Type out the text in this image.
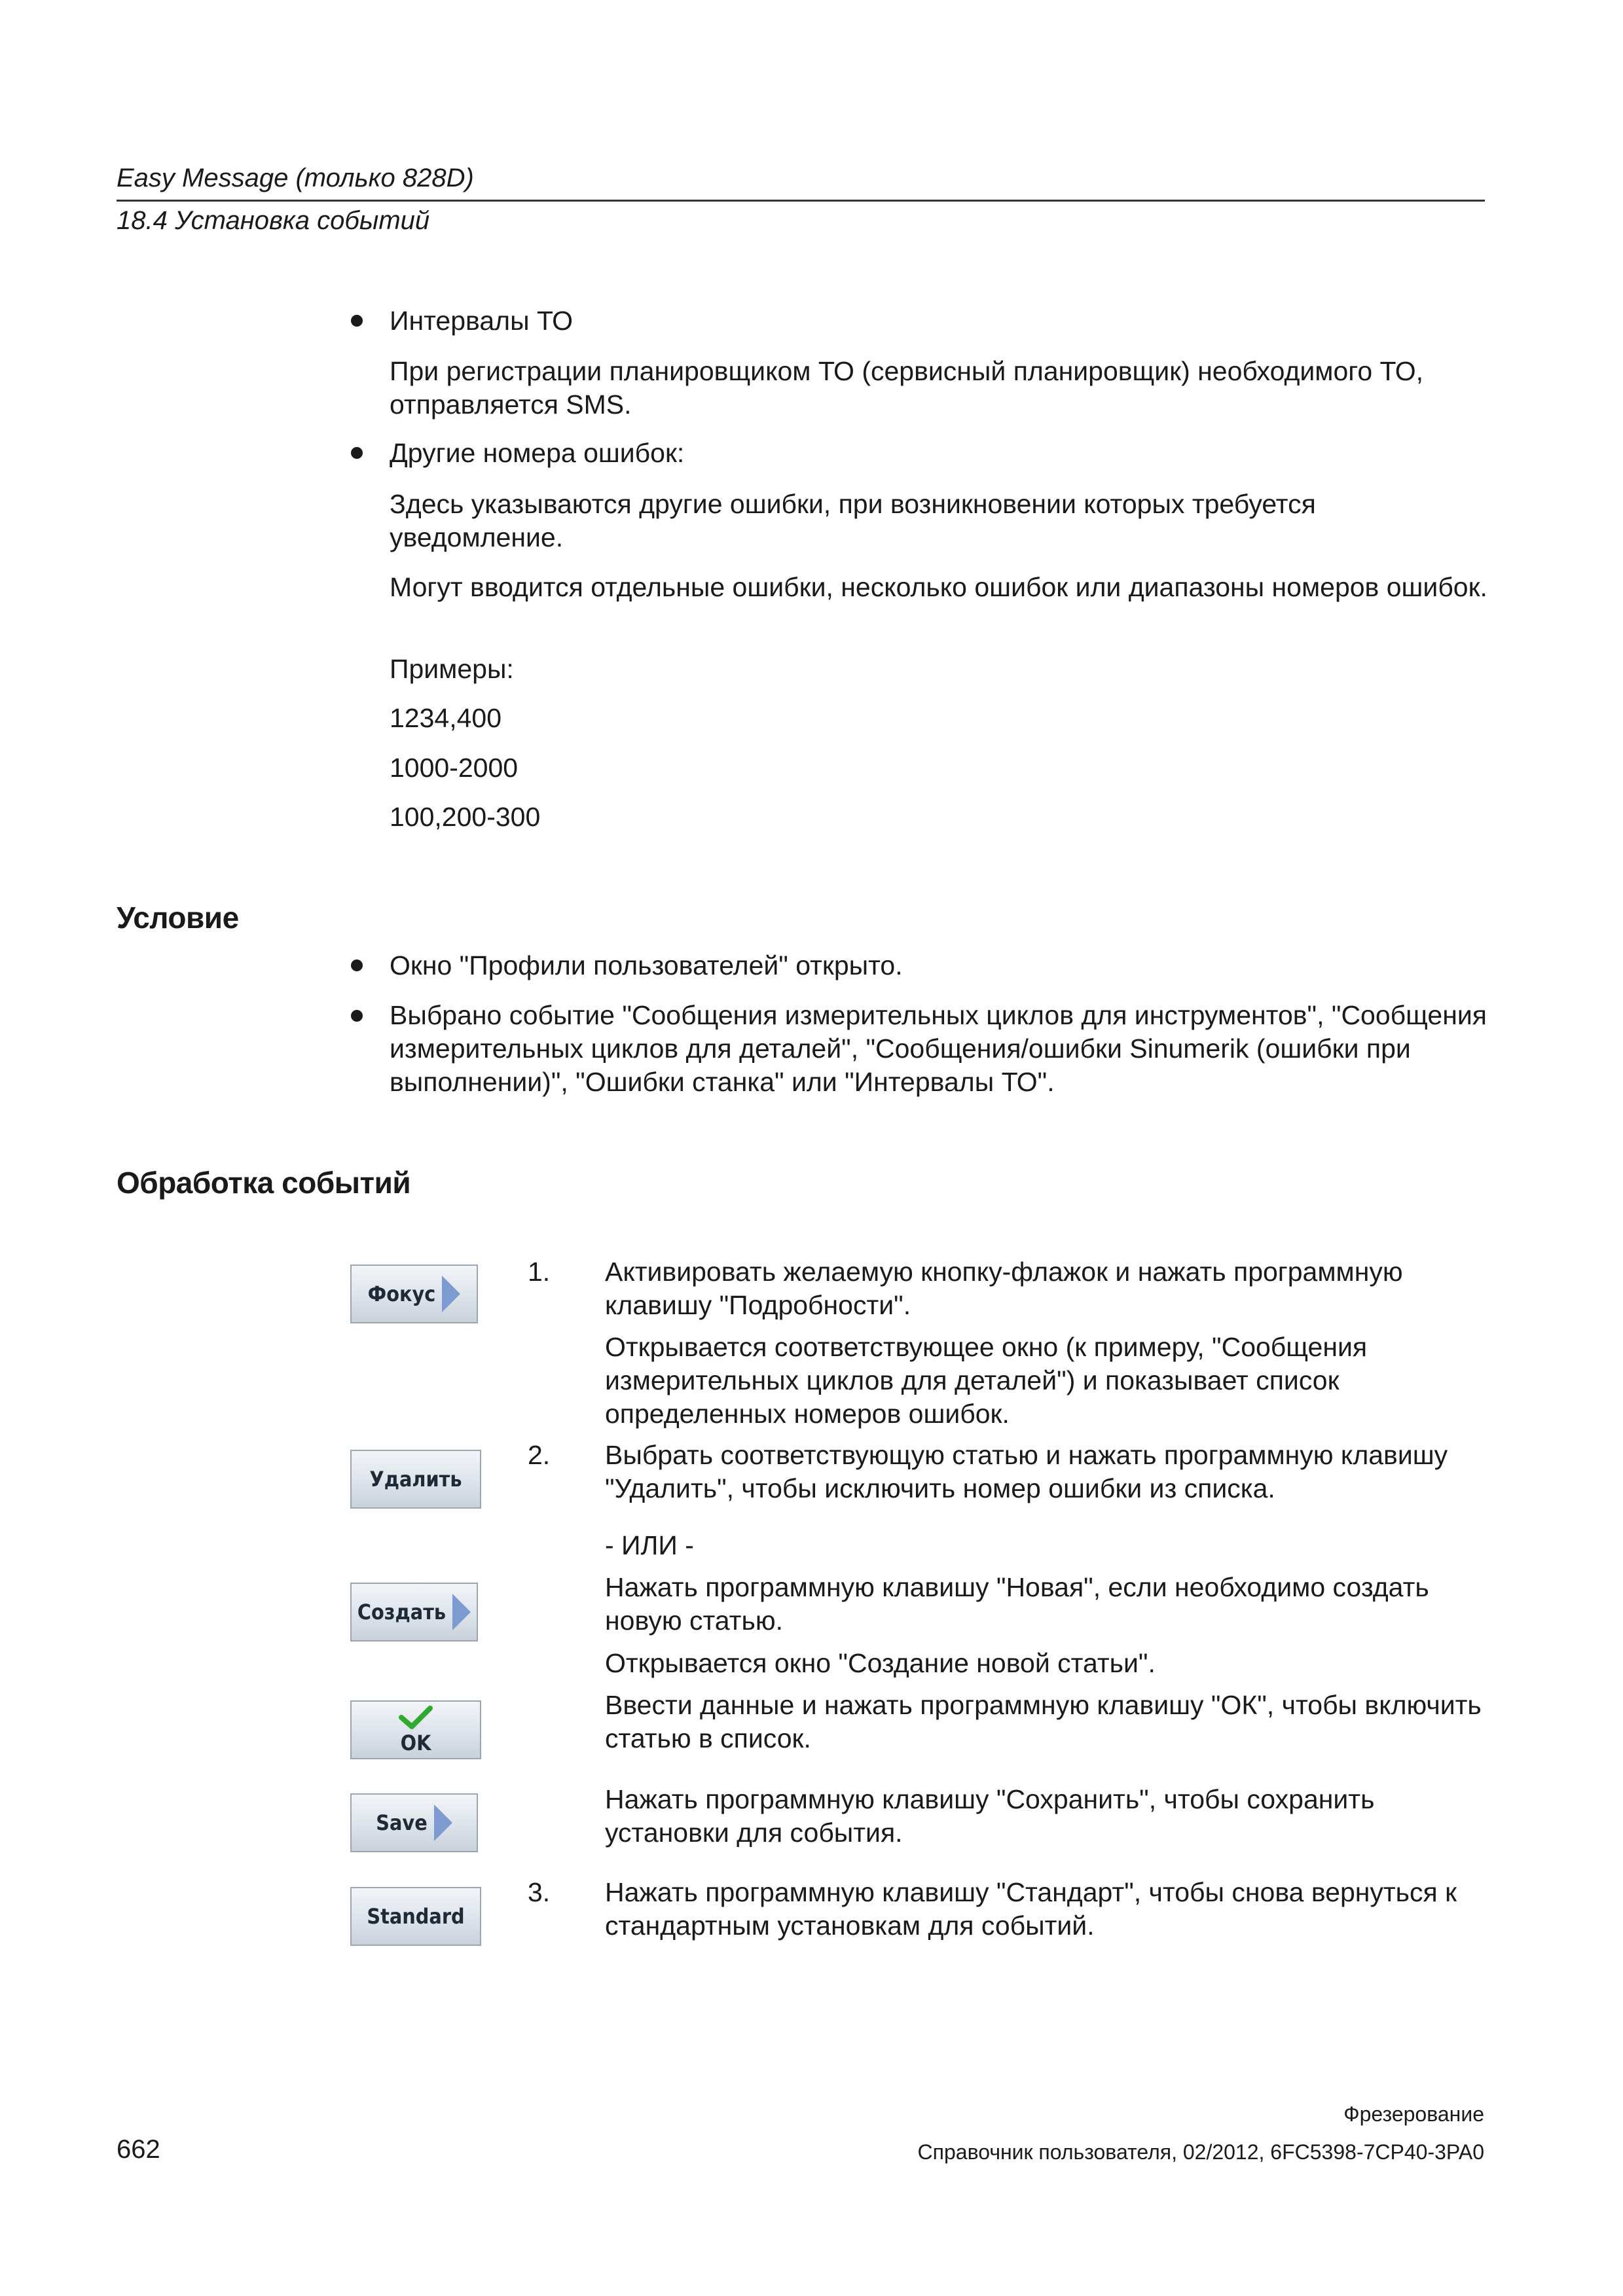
Easy Message (только 828D)
18.4 Установка событий
Интервалы ТО
При регистрации планировщиком ТО (сервисный планировщик) необходимого ТО, отправляется SMS.
Другие номера ошибок:
Здесь указываются другие ошибки, при возникновении которых требуется уведомление.
Могут вводится отдельные ошибки, несколько ошибок или диапазоны номеров ошибок.
Примеры:
1234,400
1000-2000
100,200-300
Условие
Окно "Профили пользователей" открыто.
Выбрано событие "Сообщения измерительных циклов для инструментов", "Сообщения измерительных циклов для деталей", "Сообщения/ошибки Sinumerik (ошибки при выполнении)", "Ошибки станка" или "Интервалы ТО".
Обработка событий
Фокус
Удалить
Создать
OK
Save
Standard
1. Активировать желаемую кнопку-флажок и нажать программную клавишу "Подробности".
Открывается соответствующее окно (к примеру, "Сообщения измерительных циклов для деталей") и показывает список определенных номеров ошибок.
2. Выбрать соответствующую статью и нажать программную клавишу "Удалить", чтобы исключить номер ошибки из списка.
- ИЛИ -
Нажать программную клавишу "Новая", если необходимо создать новую статью.
Открывается окно "Создание новой статьи".
Ввести данные и нажать программную клавишу "ОК", чтобы включить статью в список.
Нажать программную клавишу "Сохранить", чтобы сохранить установки для события.
3. Нажать программную клавишу "Стандарт", чтобы снова вернуться к стандартным установкам для событий.
Фрезерование
662	Справочник пользователя, 02/2012, 6FC5398-7CP40-3PA0
